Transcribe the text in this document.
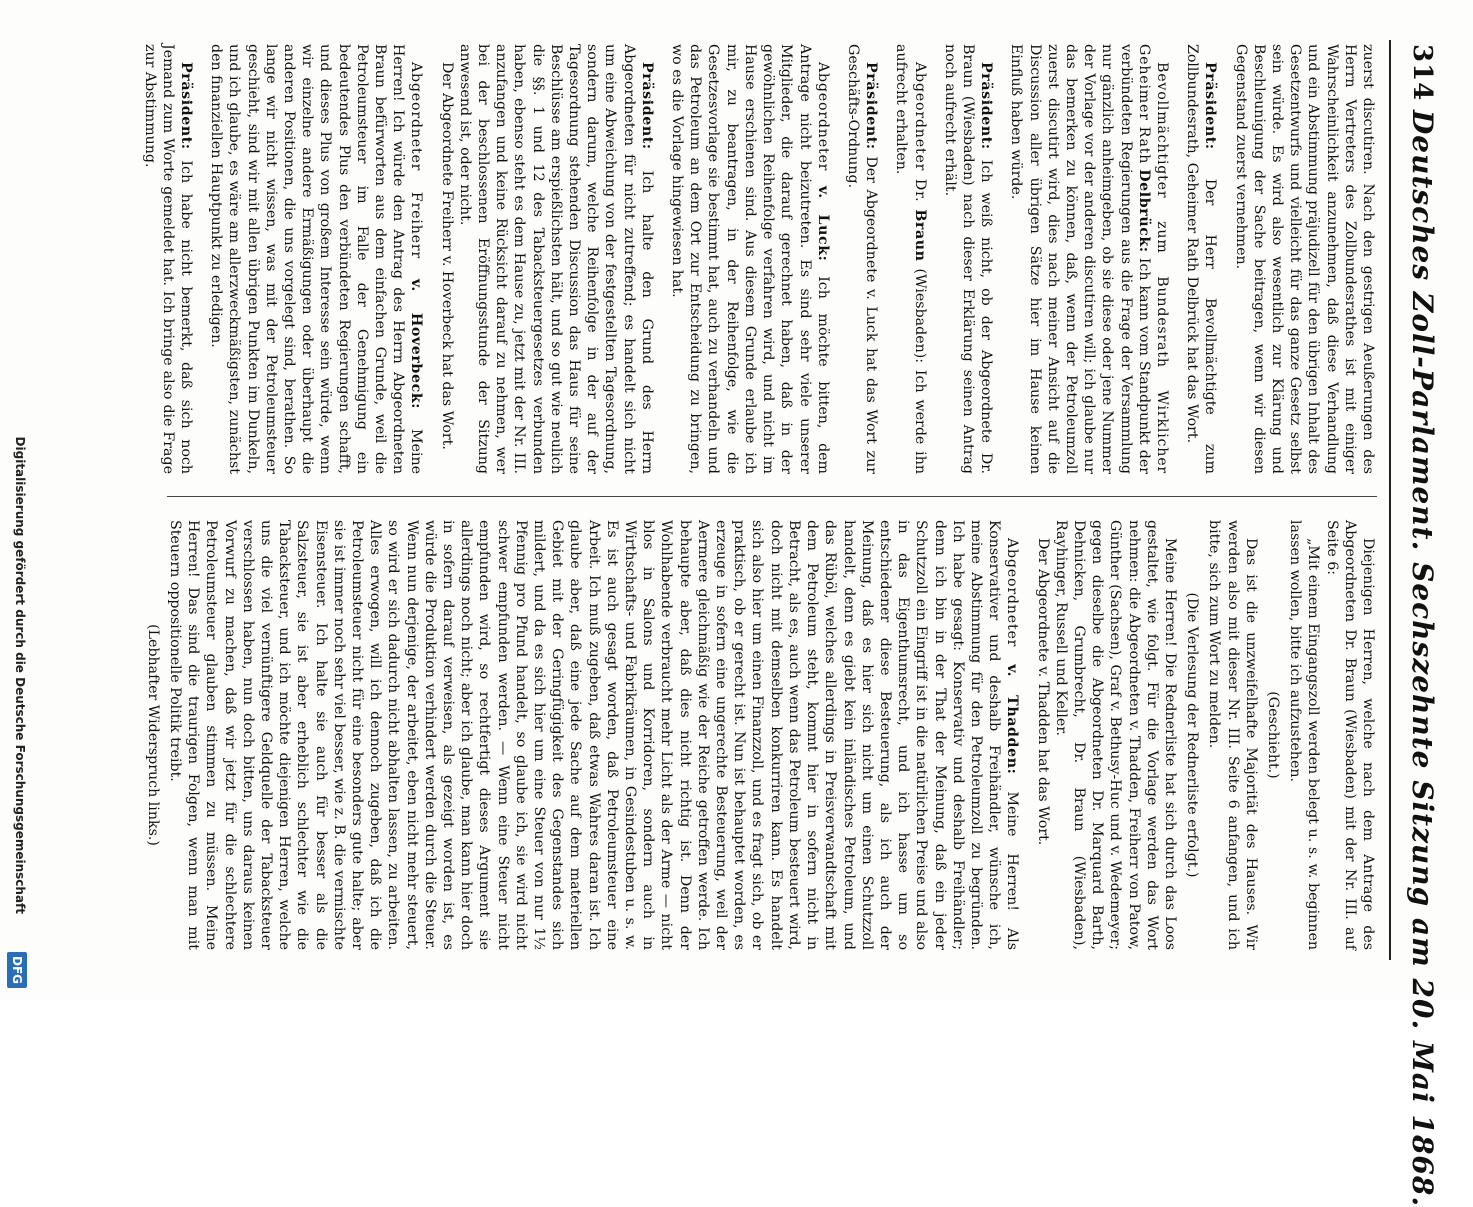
314
Deutsches Zoll-Parlament. Sechszehnte Sitzung am 20. Mai 1868.

zuerst discutiren. Nach den gestrigen Aeußerungen des Herrn Vertreters des Zollbundesrathes ist mit einiger Wahrscheinlichkeit anzunehmen, daß diese Verhandlung und ein Abstimmung präjudizell für den übrigen Inhalt des Gesetzentwurfs und vielleicht für das ganze Gesetz selbst sein würde. Es wird also wesentlich zur Klärung und Beschleunigung der Sache beitragen, wenn wir diesen Gegenstand zuerst vernehmen.

Präsident: Der Herr Bevollmächtigte zum Zollbundesrath, Geheimer Rath Delbrück hat das Wort.

Bevollmächtigter zum Bundesrath Wirklicher Geheimer Rath Delbrück: Ich kann vom Standpunkt der verbündeten Regierungen aus die Frage der Versammlung nur gänzlich anheimgeben, ob sie diese oder jene Nummer der Vorlage vor der anderen discutiren will; ich glaube nur das bemerken zu können, daß, wenn der Petroleumzoll zuerst discutirt wird, dies nach meiner Ansicht auf die Discussion aller übrigen Sätze hier im Hause keinen Einfluß haben würde.

Präsident: Ich weiß nicht, ob der Abgeordnete Dr. Braun (Wiesbaden) nach dieser Erklärung seinen Antrag noch aufrecht erhält.

Abgeordneter Dr. Braun (Wiesbaden): Ich werde ihn aufrecht erhalten.

Präsident: Der Abgeordnete v. Luck hat das Wort zur Geschäfts-Ordnung.

Abgeordneter v. Luck: Ich möchte bitten, dem Antrage nicht beizutreten. Es sind sehr viele unserer Mitglieder, die darauf gerechnet haben, daß in der gewöhnlichen Reihenfolge verfahren wird, und nicht im Hause erschienen sind. Aus diesem Grunde erlaube ich mir, zu beantragen, in der Reihenfolge, wie die Gesetzesvorlage sie bestimmt hat, auch zu verhandeln und das Petroleum an dem Ort zur Entscheidung zu bringen, wo es die Vorlage hingewiesen hat.

Präsident: Ich halte den Grund des Herrn Abgeordneten für nicht zutreffend; es handelt sich nicht um eine Abweichung von der festgestellten Tagesordnung, sondern darum, welche Reihenfolge in der auf der Tagesordnung stehenden Discussion das Haus für seine Beschlüsse am erspießlichsten hält, und so gut wie neulich die §§. 1 und 12 des Tabacksteuergesetzes verbunden haben, ebenso steht es dem Hause zu, jetzt mit der Nr. III. anzufangen und keine Rücksicht darauf zu nehmen, wer bei der beschlossenen Eröffnungsstunde der Sitzung anwesend ist, oder nicht.

Der Abgeordnete Freiherr v. Hoverbeck hat das Wort.

Abgeordneter Freiherr v. Hoverbeck: Meine Herren! Ich würde den Antrag des Herrn Abgeordneten Braun befürworten aus dem einfachen Grunde, weil die Petroleumsteuer im Falle der Genehmigung ein bedeutendes Plus den verbündeten Regierungen schafft, und dieses Plus von großem Interesse sein würde, wenn wir einzelne andere Ermäßigungen oder überhaupt die anderen Positionen, die uns vorgelegt sind, berathen. So lange wir nicht wissen, was mit der Petroleumsteuer geschieht, sind wir mit allen übrigen Punkten im Dunkeln, und ich glaube, es wäre am allerzweckmäßigsten, zunächst den finanziellen Hauptpunkt zu erledigen.

Präsident: Ich habe nicht bemerkt, daß sich noch Jemand zum Worte gemeldet hat. Ich bringe also die Frage zur Abstimmung.

Diejenigen Herren, welche nach dem Antrage des Abgeordneten Dr. Braun (Wiesbaden) mit der Nr. III. auf Seite 6:

„Mit einem Eingangszoll werden belegt u. s. w. beginnen lassen wollen, bitte ich aufzustehen.

(Geschieht.)

Das ist die unzweifelhafte Majorität des Hauses. Wir werden also mit dieser Nr. III. Seite 6 anfangen, und ich bitte, sich zum Wort zu melden.

(Die Verlesung der Rednerliste erfolgt.)

Meine Herren! Die Rednerliste hat sich durch das Loos gestaltet, wie folgt. Für die Vorlage werden das Wort nehmen: die Abgeordneten v. Thadden, Freiherr von Patow, Günther (Sachsen), Graf v. Bethusy-Huc und v. Wedemeyer; gegen dieselbe die Abgeordneten Dr. Marquard Barth, Dehnicken, Grumbrecht, Dr. Braun (Wiesbaden), Rayhinger, Russell und Keller.

Der Abgeordnete v. Thadden hat das Wort.

Abgeordneter v. Thadden: Meine Herren! Als Konservativer und deshalb Freihändler, wünsche ich, meine Abstimmung für den Petroleumzoll zu begründen. Ich habe gesagt: Konservativ und deshalb Freihändler; denn ich bin in der That der Meinung, daß ein jeder Schutzzoll ein Eingriff ist in die natürlichen Preise und also in das Eigenthumsrecht, und ich hasse um so entschiedener diese Besteuerung, als ich auch der Meinung, daß es hier sich nicht um einen Schutzzoll handelt, denn es giebt kein inländisches Petroleum, und das Rüböl, welches allerdings in Preisverwandtschaft mit dem Petroleum steht, kommt hier in sofern nicht in Betracht, als es, auch wenn das Petroleum besteuert wird, doch nicht mit demselben konkurriren kann. Es handelt sich also hier um einen Finanzzoll, und es fragt sich, ob er praktisch, ob er gerecht ist. Nun ist behauptet worden, es erzeuge in sofern eine ungerechte Besteuerung, weil der Aermere gleichmäßig wie der Reiche getroffen werde. Ich behaupte aber, daß dies nicht richtig ist. Denn der Wohlhabende verbraucht mehr Licht als der Arme — nicht blos in Salons und Korridoren, sondern auch in Wirthschafts- und Fabrikräumen, in Gesindestuben u. s. w. Es ist auch gesagt worden, daß Petroleumsteuer eine Arbeit. Ich muß zugeben, daß etwas Wahres daran ist. Ich glaube aber, daß eine jede Sache auf dem materiellen Gebiet mit der Geringfügigkeit des Gegenstandes sich mildert, und da es sich hier um eine Steuer von nur 1½ Pfennig pro Pfund handelt, so glaube ich, sie wird nicht schwer empfunden werden. — Wenn eine Steuer nicht empfunden wird, so rechtfertigt dieses Argument sie allerdings noch nicht; aber ich glaube, man kann hier doch in sofern darauf verweisen, als gezeigt worden ist, es würde die Produktion verhindert werden durch die Steuer. Wenn nun derjenige, der arbeitet, eben nicht mehr steuert, so wird er sich dadurch nicht abhalten lassen, zu arbeiten. Alles erwogen, will ich dennoch zugeben, daß ich die Petroleumsteuer nicht für eine besonders gute halte; aber sie ist immer noch sehr viel besser, wie z. B. die vermischte Eisensteuer. Ich halte sie auch für besser als die Salzsteuer, sie ist aber erheblich schlechter wie die Tabacksteuer, und ich möchte diejenigen Herren, welche uns die viel vernünftigere Geldquelle der Tabacksteuer verschlossen haben, nun doch bitten, uns daraus keinen Vorwurf zu machen, daß wir jetzt für die schlechtere Petroleumsteuer glauben stimmen zu müssen. Meine Herren! Das sind die traurigen Folgen, wenn man mit Steuern oppositionelle Politik treibt.

(Lebhafter Widerspruch links.)

Digitalisierung gefördert durch die Deutsche Forschungsgemeinschaft
DFG
